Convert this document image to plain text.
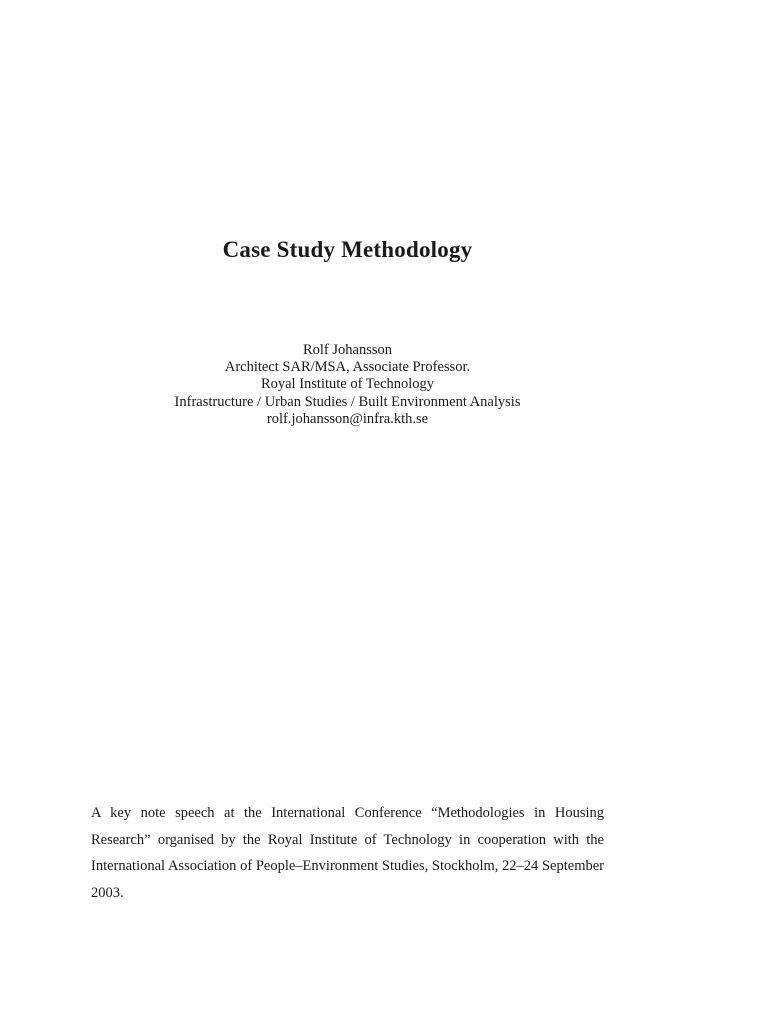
Case Study Methodology
Rolf Johansson
Architect SAR/MSA, Associate Professor.
Royal Institute of Technology
Infrastructure / Urban Studies / Built Environment Analysis
rolf.johansson@infra.kth.se

A key note speech at the International Conference “Methodologies in Housing Research” organised by the Royal Institute of Technology in cooperation with the International Association of People–Environment Studies, Stockholm, 22–24 September 2003.
